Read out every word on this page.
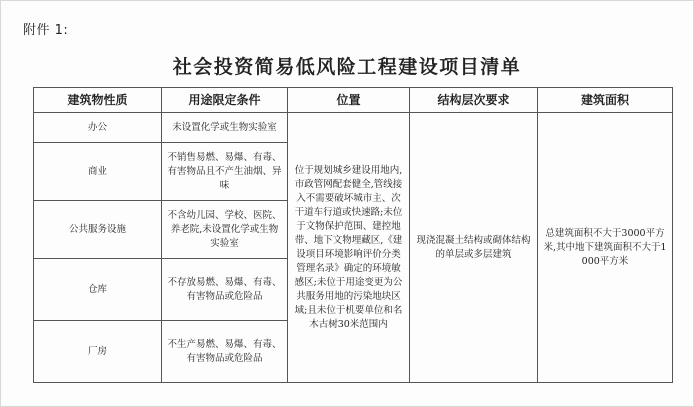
附件 1:
社会投资简易低风险工程建设项目清单
建筑物性质	用途限定条件	位置	结构层次要求	建筑面积
办公	未设置化学或生物实验室	位于规划城乡建设用地内,市政管网配套健全,管线接入不需要破坏城市主、次干道车行道或快速路;未位于文物保护范围、建控地带、地下文物埋藏区,《建设项目环境影响评价分类管理名录》确定的环境敏感区;未位于用途变更为公共服务用地的污染地块区域;且未位于机要单位和名木古树30米范围内	现浇混凝土结构或砌体结构的单层或多层建筑	总建筑面积不大于3000平方米,其中地下建筑面积不大于1000平方米
商业	不销售易燃、易爆、有毒、有害物品且不产生油烟、异味			
公共服务设施	不含幼儿园、学校、医院、养老院,未设置化学或生物实验室			
仓库	不存放易燃、易爆、有毒、有害物品或危险品			
厂房	不生产易燃、易爆、有毒、有害物品或危险品			
